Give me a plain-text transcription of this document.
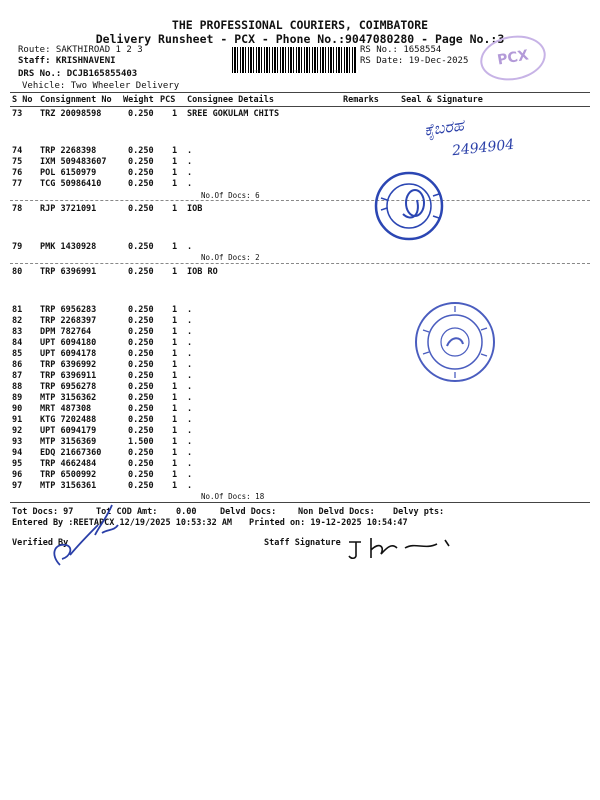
THE PROFESSIONAL COURIERS, COIMBATORE
Delivery Runsheet - PCX - Phone No.:9047080280 - Page No.:3
Route: SAKTHIROAD 1 2 3
Staff: KRISHNAVENI
DRS No.: DCJB165855403
Vehicle: Two Wheeler Delivery
RS No.: 1658554
RS Date: 19-Dec-2025	PCX
S No Consignment No Weight PCS Consignee Details	Remarks	Seal & Signature
73 TRZ 20098598	0.250 1 SREE GOKULAM CHITS
74 TRP 2268398	0.250 1 .
75 IXM 509483607	0.250 1 .
76 POL 6150979	0.250 1 .
77 TCG 50986410	0.250 1 .
No.Of Docs: 6
78 RJP 3721091	0.250 1 IOB
79 PMK 1430928	0.250 1 .
No.Of Docs: 2
80 TRP 6396991	0.250 1 IOB RO
81 TRP 6956283	0.250 1 .
82 TRP 2268397	0.250 1 .
83 DPM 782764	0.250 1 .
84 UPT 6094180	0.250 1 .
85 UPT 6094178	0.250 1 .
86 TRP 6396992	0.250 1 .
87 TRP 6396911	0.250 1 .
88 TRP 6956278	0.250 1 .
89 MTP 3156362	0.250 1 .
90 MRT 487308	0.250 1 .
91 KTG 7202488	0.250 1 .
92 UPT 6094179	0.250 1 .
93 MTP 3156369	1.500 1 .
94 EDQ 21667360	0.250 1 .
95 TRP 4662484	0.250 1 .
96 TRP 6500992	0.250 1 .
97 MTP 3156361	0.250 1 .
No.Of Docs: 18
ಕೈಬರಹ
2494904
Tot Docs: 97	Tot COD Amt: 0.00	Delvd Docs:	Non Delvd Docs: Delvy pts:
Entered By :REETAPCX 12/19/2025 10:53:32 AM Printed on: 19-12-2025 10:54:47
Verified By	Staff Signature
